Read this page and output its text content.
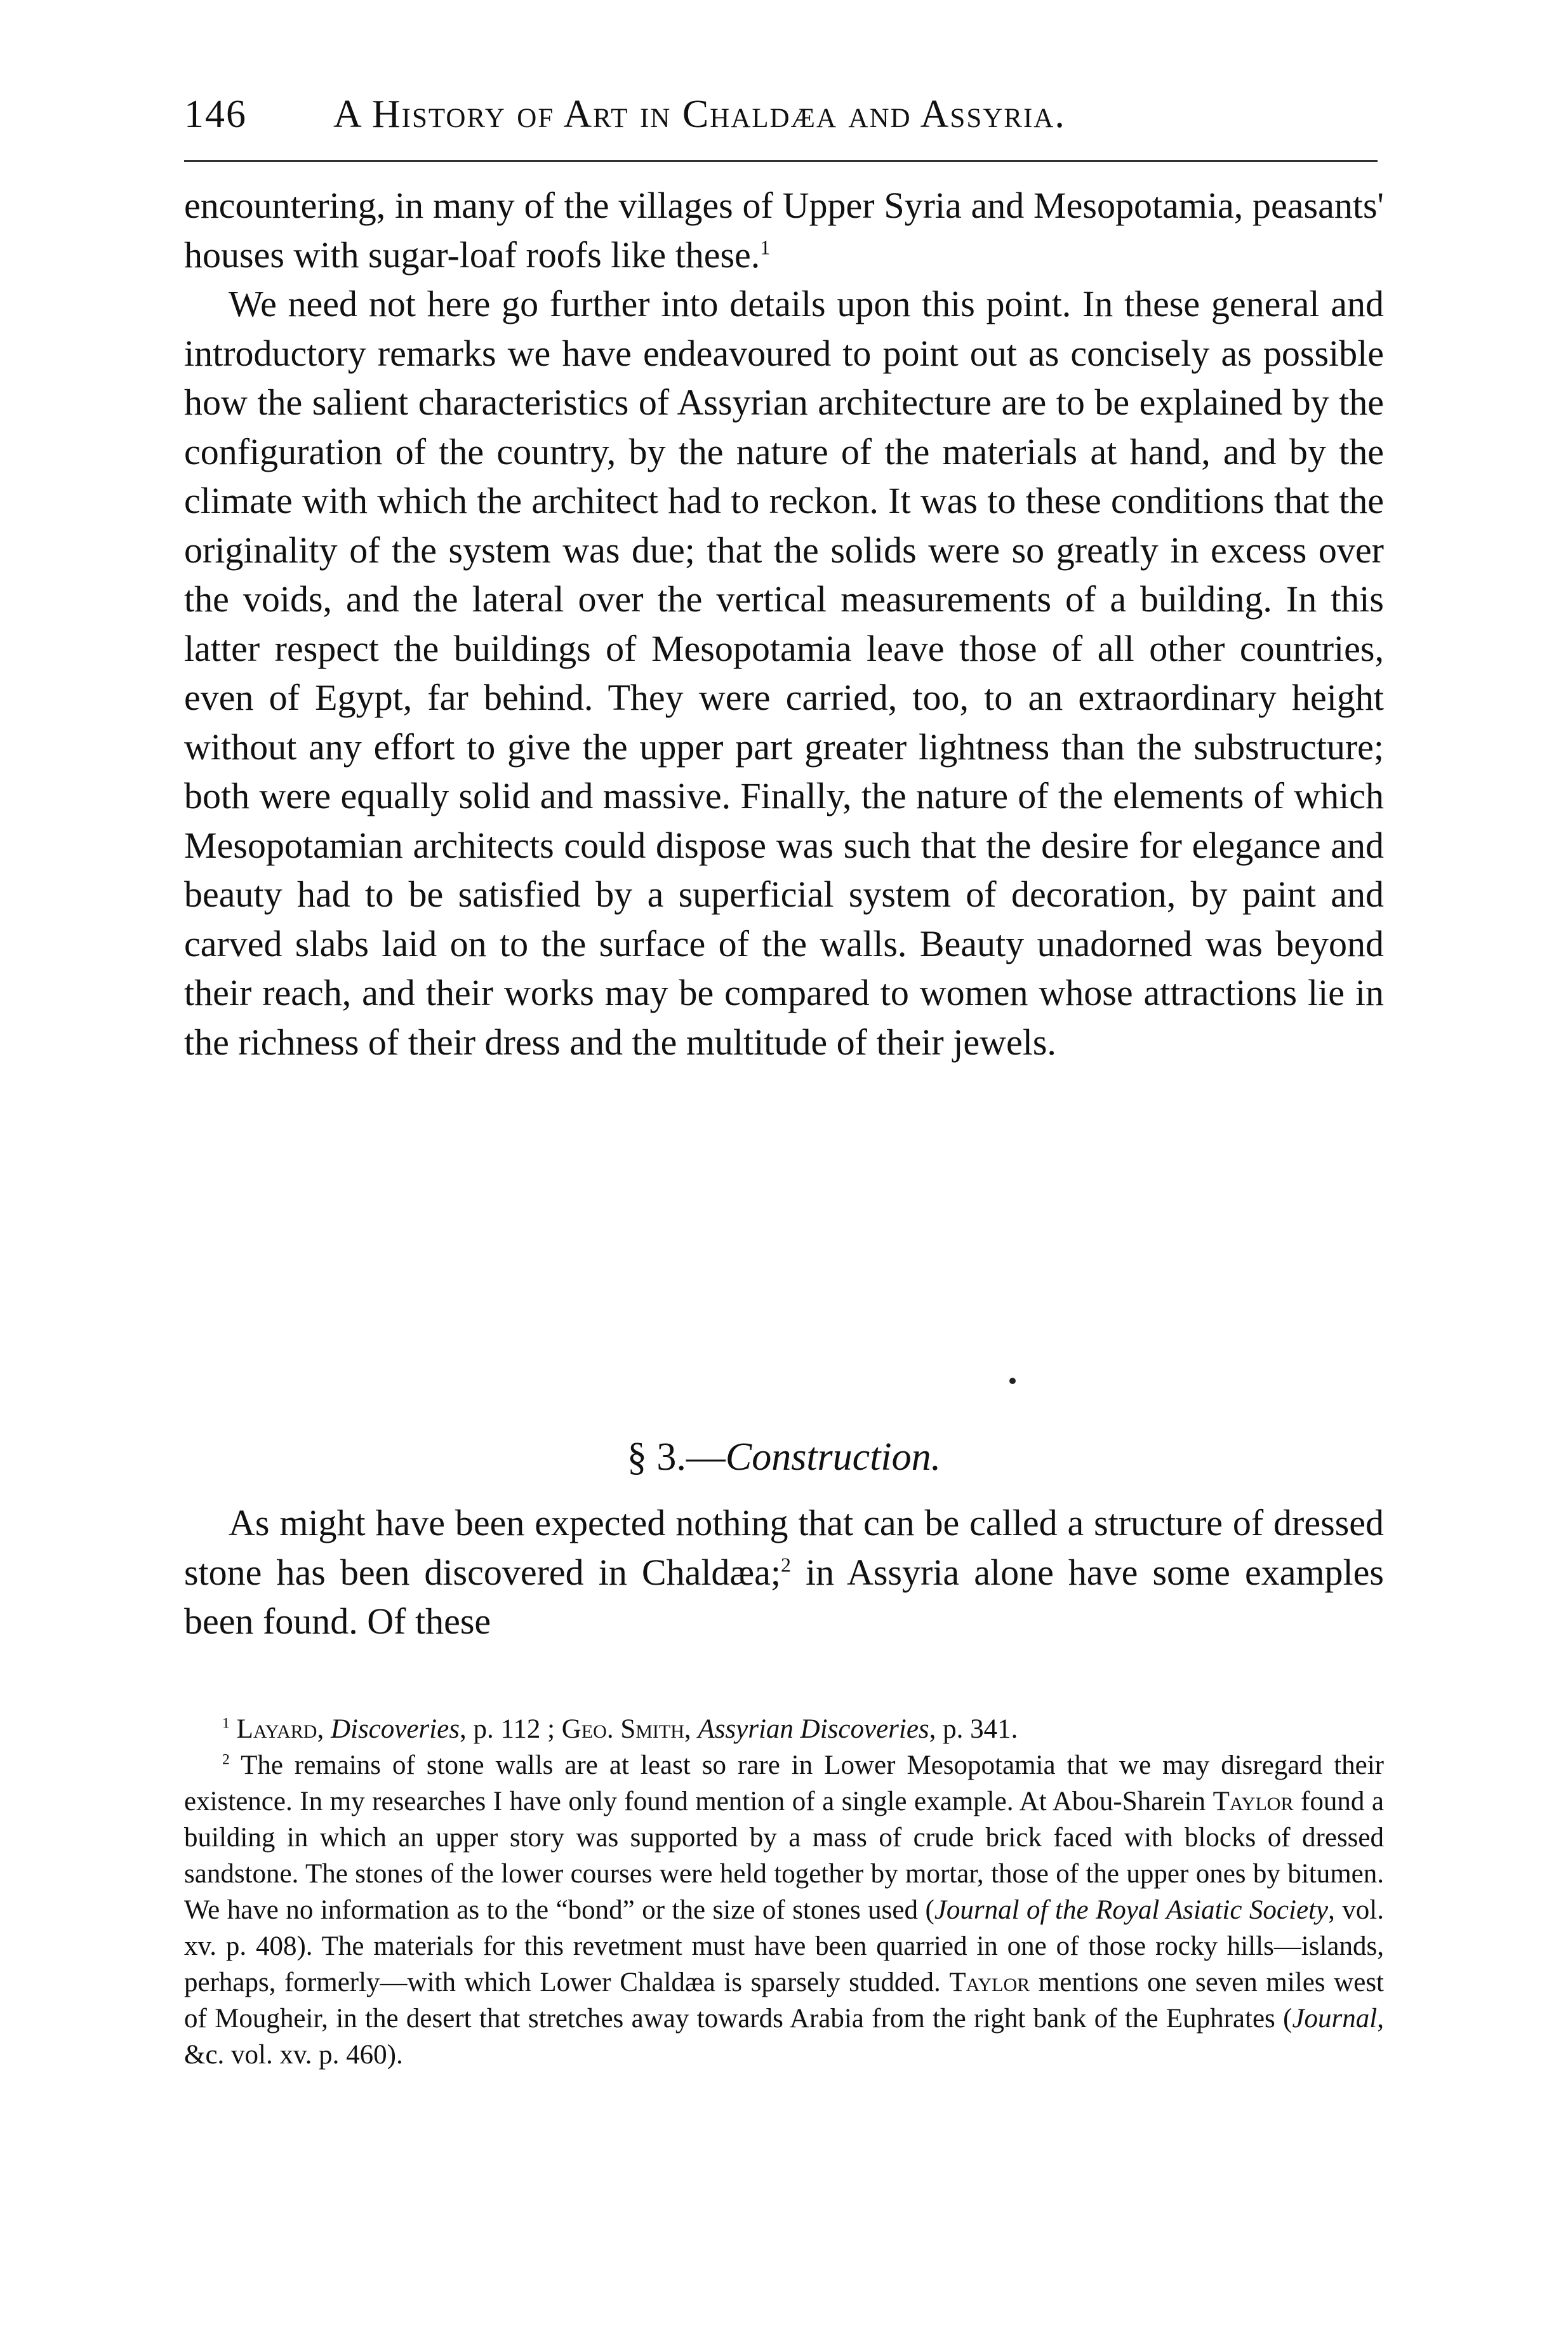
146 A History of Art in Chaldæa and Assyria.

encountering, in many of the villages of Upper Syria and Mesopotamia, peasants' houses with sugar-loaf roofs like these.$^1$

We need not here go further into details upon this point. In these general and introductory remarks we have endeavoured to point out as concisely as possible how the salient characteristics of Assyrian architecture are to be explained by the configuration of the country, by the nature of the materials at hand, and by the climate with which the architect had to reckon. It was to these conditions that the originality of the system was due; that the solids were so greatly in excess over the voids, and the lateral over the vertical measurements of a building. In this latter respect the buildings of Mesopotamia leave those of all other countries, even of Egypt, far behind. They were carried, too, to an extraordinary height without any effort to give the upper part greater lightness than the substructure; both were equally solid and massive. Finally, the nature of the elements of which Mesopotamian architects could dispose was such that the desire for elegance and beauty had to be satisfied by a superficial system of decoration, by paint and carved slabs laid on to the surface of the walls. Beauty unadorned was beyond their reach, and their works may be compared to women whose attractions lie in the richness of their dress and the multitude of their jewels.

§ 3.—Construction.

As might have been expected nothing that can be called a structure of dressed stone has been discovered in Chaldæa;$^2$ in Assyria alone have some examples been found. Of these

$^1$ Layard, Discoveries, p. 112 ; Geo. Smith, Assyrian Discoveries, p. 341.

$^2$ The remains of stone walls are at least so rare in Lower Mesopotamia that we may disregard their existence. In my researches I have only found mention of a single example. At Abou-Sharein Taylor found a building in which an upper story was supported by a mass of crude brick faced with blocks of dressed sandstone. The stones of the lower courses were held together by mortar, those of the upper ones by bitumen. We have no information as to the “bond” or the size of stones used (Journal of the Royal Asiatic Society, vol. xv. p. 408). The materials for this revetment must have been quarried in one of those rocky hills—islands, perhaps, formerly—with which Lower Chaldæa is sparsely studded. Taylor mentions one seven miles west of Mougheir, in the desert that stretches away towards Arabia from the right bank of the Euphrates (Journal, &c. vol. xv. p. 460).
